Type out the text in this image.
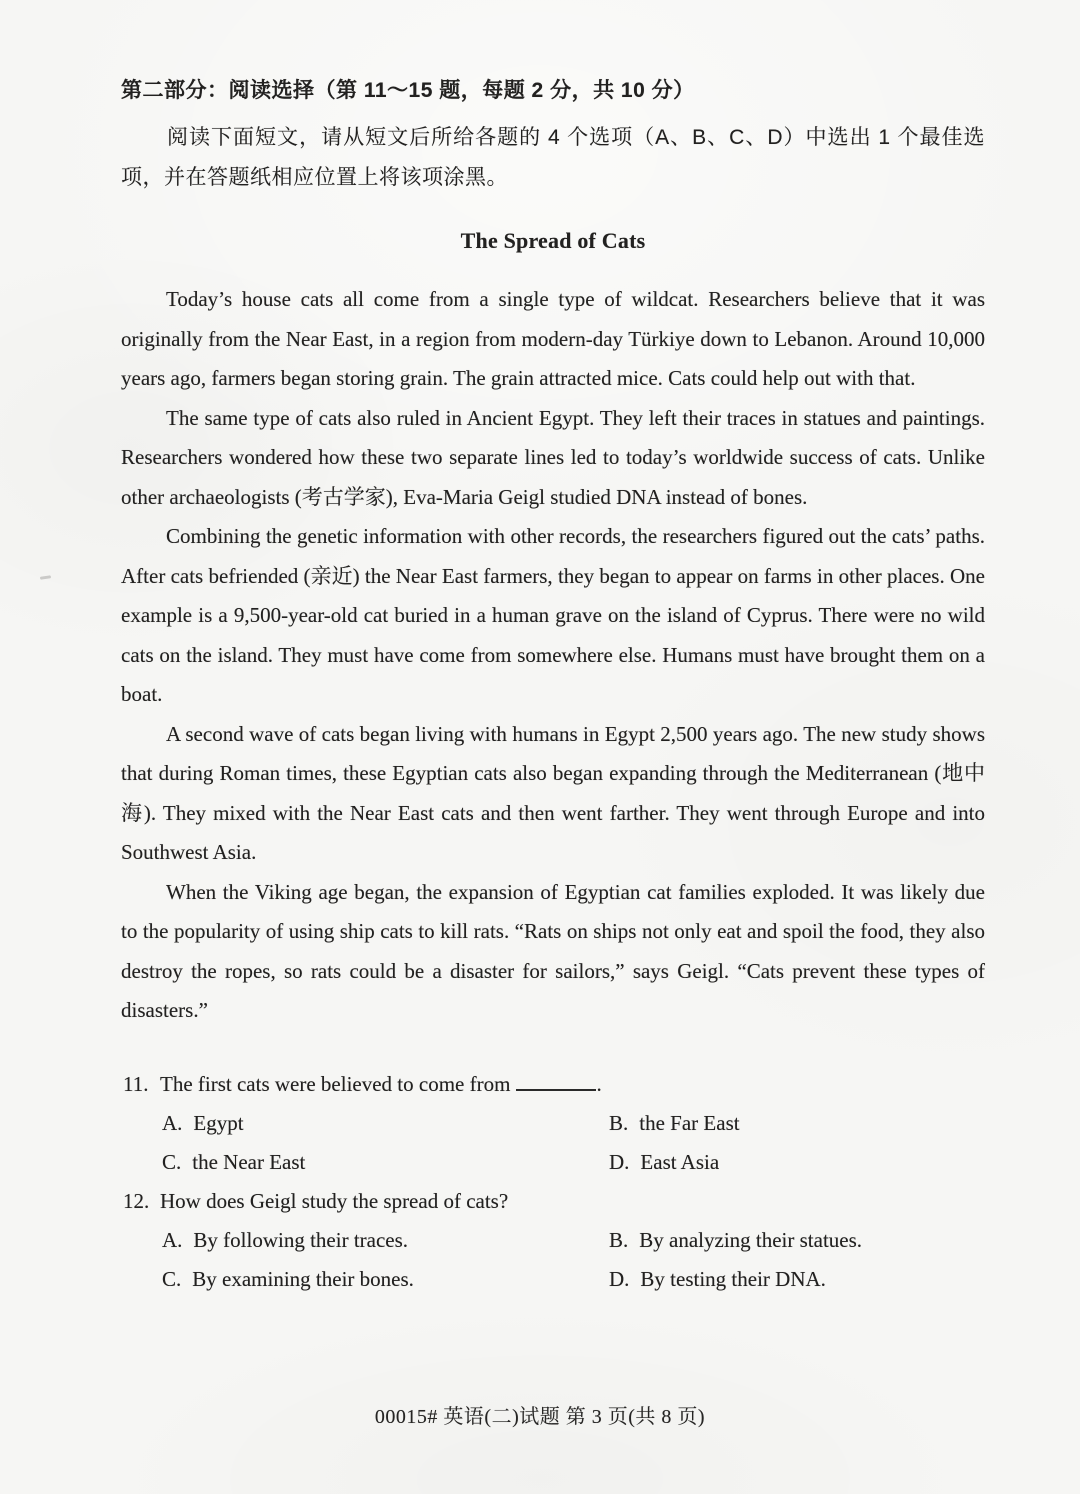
第二部分：阅读选择（第 11～15 题，每题 2 分，共 10 分）

阅读下面短文，请从短文后所给各题的 4 个选项（A、B、C、D）中选出 1 个最佳选项，并在答题纸相应位置上将该项涂黑。

The Spread of Cats

Today’s house cats all come from a single type of wildcat. Researchers believe that it was originally from the Near East, in a region from modern-day Türkiye down to Lebanon. Around 10,000 years ago, farmers began storing grain. The grain attracted mice. Cats could help out with that.

The same type of cats also ruled in Ancient Egypt. They left their traces in statues and paintings. Researchers wondered how these two separate lines led to today’s worldwide success of cats. Unlike other archaeologists (考古学家), Eva-Maria Geigl studied DNA instead of bones.

Combining the genetic information with other records, the researchers figured out the cats’ paths. After cats befriended (亲近) the Near East farmers, they began to appear on farms in other places. One example is a 9,500-year-old cat buried in a human grave on the island of Cyprus. There were no wild cats on the island. They must have come from somewhere else. Humans must have brought them on a boat.

A second wave of cats began living with humans in Egypt 2,500 years ago. The new study shows that during Roman times, these Egyptian cats also began expanding through the Mediterranean (地中海). They mixed with the Near East cats and then went farther. They went through Europe and into Southwest Asia.

When the Viking age began, the expansion of Egyptian cat families exploded. It was likely due to the popularity of using ship cats to kill rats. “Rats on ships not only eat and spoil the food, they also destroy the ropes, so rats could be a disaster for sailors,” says Geigl. “Cats prevent these types of disasters.”

11. The first cats were believed to come from	.
A. Egypt	B. the Far East
C. the Near East	D. East Asia
12. How does Geigl study the spread of cats?
A. By following their traces.	B. By analyzing their statues.
C. By examining their bones.	D. By testing their DNA.
00015# 英语(二)试题 第 3 页(共 8 页)
